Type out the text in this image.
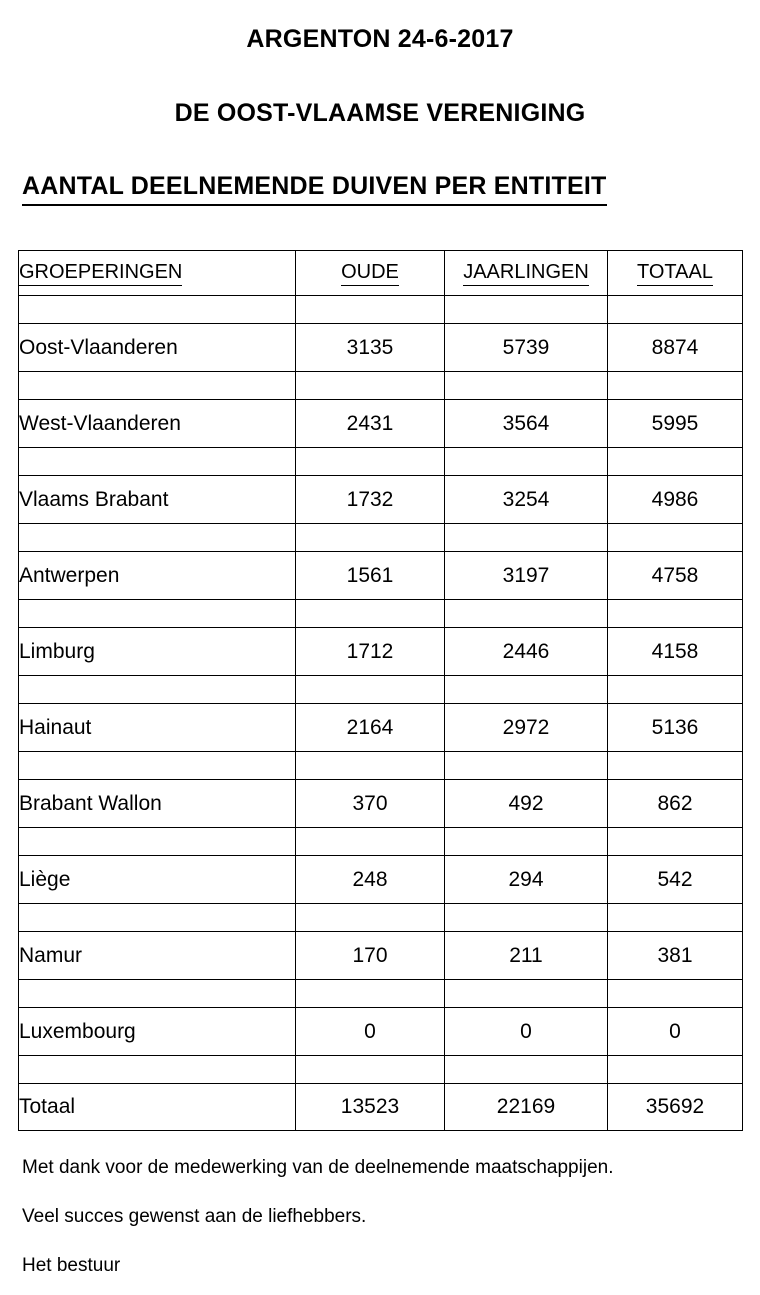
ARGENTON 24-6-2017
DE OOST-VLAAMSE VERENIGING
AANTAL DEELNEMENDE DUIVEN PER ENTITEIT
GROEPERINGEN	OUDE	JAARLINGEN	TOTAAL

Oost-Vlaanderen	3135	5739	8874

West-Vlaanderen	2431	3564	5995

Vlaams Brabant	1732	3254	4986

Antwerpen	1561	3197	4758

Limburg	1712	2446	4158

Hainaut	2164	2972	5136

Brabant Wallon	370	492	862

Liège	248	294	542

Namur	170	211	381

Luxembourg	0	0	0

Totaal	13523	22169	35692

Met dank voor de medewerking van de deelnemende maatschappijen.

Veel succes gewenst aan de liefhebbers.

Het bestuur
